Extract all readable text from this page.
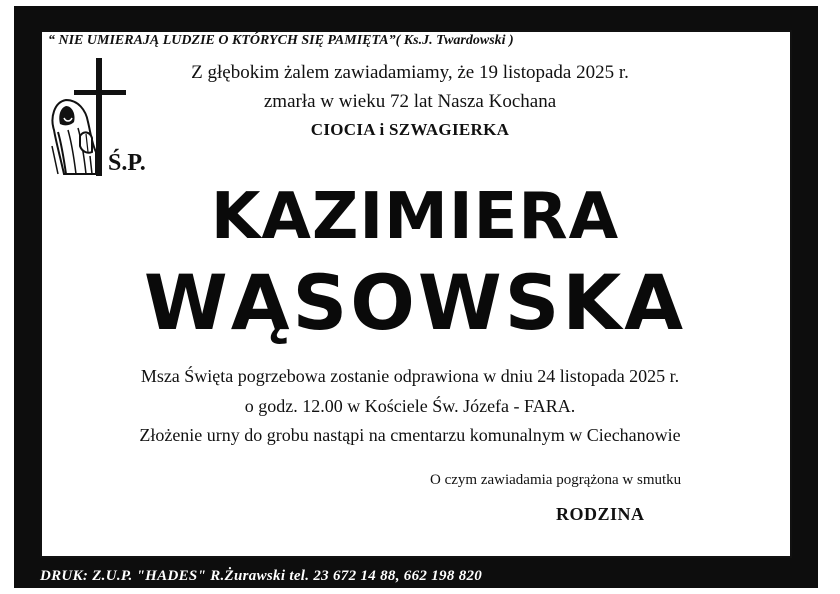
“ NIE UMIERAJĄ LUDZIE O KTÓRYCH SIĘ PAMIĘTA”( Ks.J. Twardowski )
Z głębokim żalem zawiadamiamy, że 19 listopada 2025 r.
zmarła w wieku 72 lat Nasza Kochana
CIOCIA i SZWAGIERKA
Ś.P.
KAZIMIERA
WĄSOWSKA
Msza Święta pogrzebowa zostanie odprawiona w dniu 24 listopada 2025 r.
o godz. 12.00 w Kościele Św. Józefa - FARA.
Złożenie urny do grobu nastąpi na cmentarzu komunalnym w Ciechanowie
O czym zawiadamia pogrążona w smutku
RODZINA
DRUK: Z.U.P. "HADES" R.Żurawski tel. 23 672 14 88, 662 198 820
